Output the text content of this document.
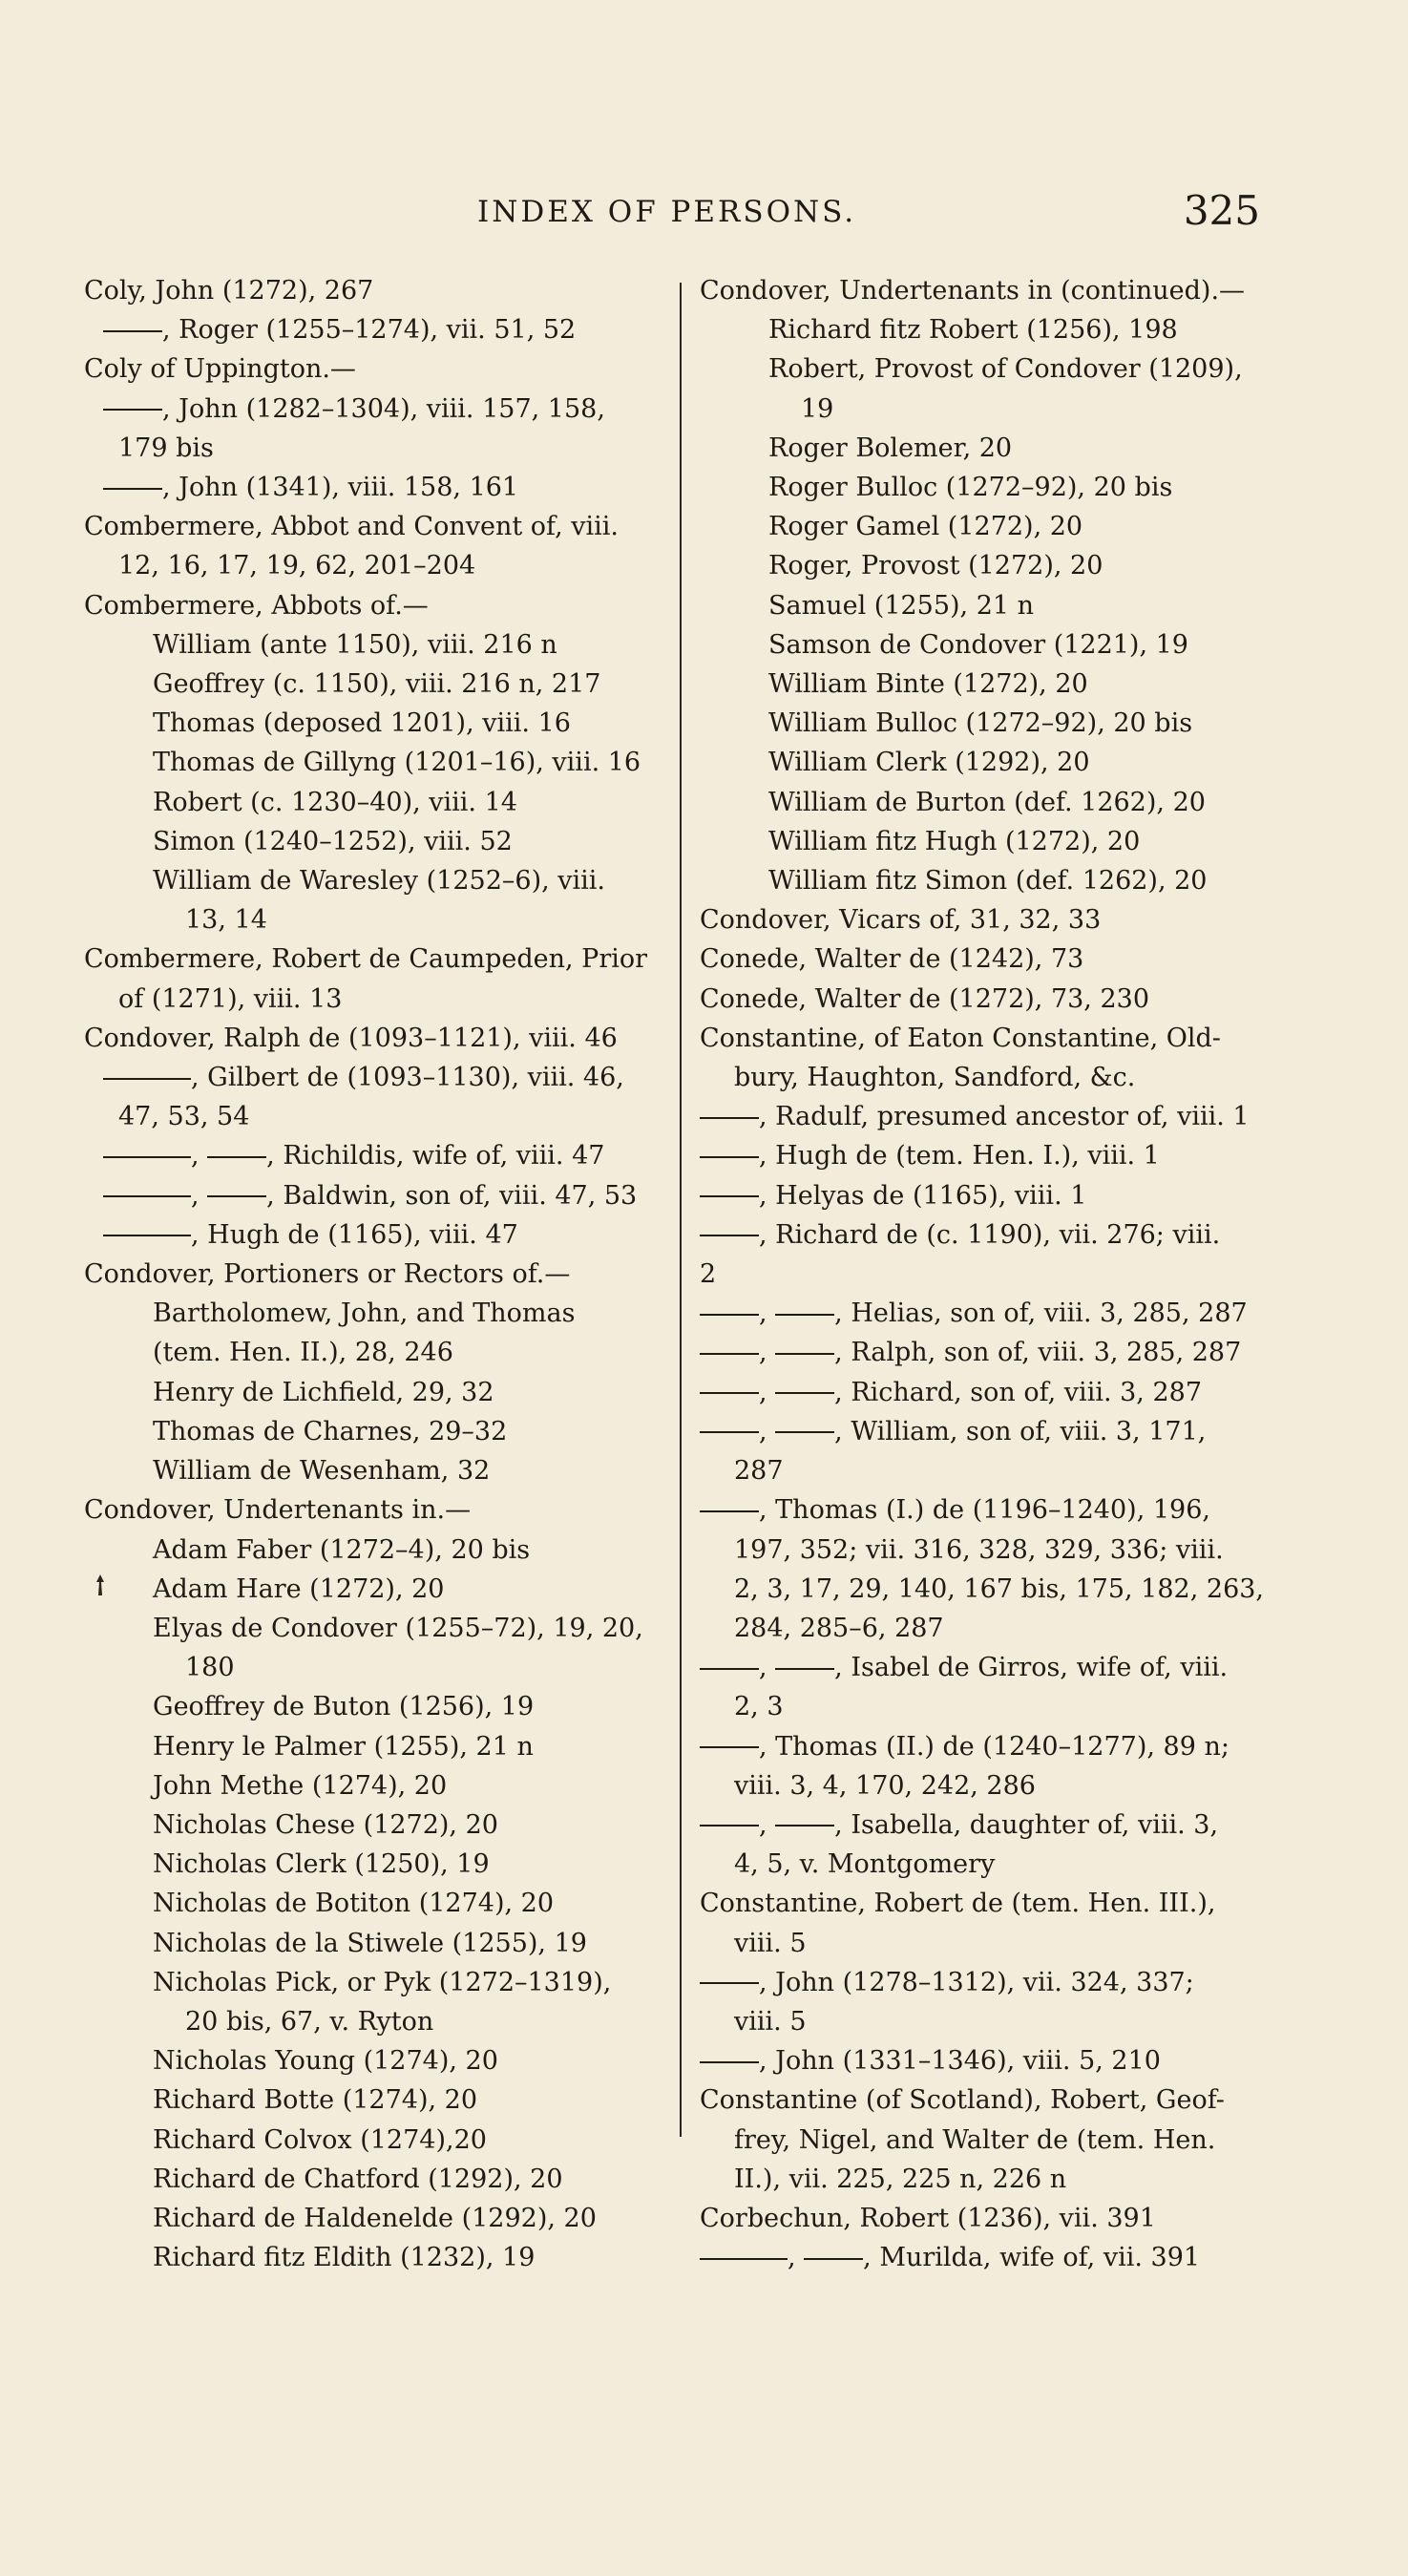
INDEX OF PERSONS.	325
Coly, John (1272), 267
, Roger (1255–1274), vii. 51, 52
Coly of Uppington.—
, John (1282–1304), viii. 157, 158,
179 bis
, John (1341), viii. 158, 161
Combermere, Abbot and Convent of, viii.
12, 16, 17, 19, 62, 201–204
Combermere, Abbots of.—
William (ante 1150), viii. 216 n
Geoffrey (c. 1150), viii. 216 n, 217
Thomas (deposed 1201), viii. 16
Thomas de Gillyng (1201–16), viii. 16
Robert (c. 1230–40), viii. 14
Simon (1240–1252), viii. 52
William de Waresley (1252–6), viii.
13, 14
Combermere, Robert de Caumpeden, Prior
of (1271), viii. 13
Condover, Ralph de (1093–1121), viii. 46
, Gilbert de (1093–1130), viii. 46,
47, 53, 54
, , Richildis, wife of, viii. 47
, , Baldwin, son of, viii. 47, 53
, Hugh de (1165), viii. 47
Condover, Portioners or Rectors of.—
Bartholomew, John, and Thomas
(tem. Hen. II.), 28, 246
Henry de Lichfield, 29, 32
Thomas de Charnes, 29–32
William de Wesenham, 32
Condover, Undertenants in.—
Adam Faber (1272–4), 20 bis
Adam Hare (1272), 20
Elyas de Condover (1255–72), 19, 20,
180
Geoffrey de Buton (1256), 19
Henry le Palmer (1255), 21 n
John Methe (1274), 20
Nicholas Chese (1272), 20
Nicholas Clerk (1250), 19
Nicholas de Botiton (1274), 20
Nicholas de la Stiwele (1255), 19
Nicholas Pick, or Pyk (1272–1319),
20 bis, 67, v. Ryton
Nicholas Young (1274), 20
Richard Botte (1274), 20
Richard Colvox (1274),20
Richard de Chatford (1292), 20
Richard de Haldenelde (1292), 20
Richard fitz Eldith (1232), 19
Condover, Undertenants in (continued).—
Richard fitz Robert (1256), 198
Robert, Provost of Condover (1209),
19
Roger Bolemer, 20
Roger Bulloc (1272–92), 20 bis
Roger Gamel (1272), 20
Roger, Provost (1272), 20
Samuel (1255), 21 n
Samson de Condover (1221), 19
William Binte (1272), 20
William Bulloc (1272–92), 20 bis
William Clerk (1292), 20
William de Burton (def. 1262), 20
William fitz Hugh (1272), 20
William fitz Simon (def. 1262), 20
Condover, Vicars of, 31, 32, 33
Conede, Walter de (1242), 73
Conede, Walter de (1272), 73, 230
Constantine, of Eaton Constantine, Old-
bury, Haughton, Sandford, &c.
, Radulf, presumed ancestor of, viii. 1
, Hugh de (tem. Hen. I.), viii. 1
, Helyas de (1165), viii. 1
, Richard de (c. 1190), vii. 276; viii.
2
, , Helias, son of, viii. 3, 285, 287
, , Ralph, son of, viii. 3, 285, 287
, , Richard, son of, viii. 3, 287
, , William, son of, viii. 3, 171,
287
, Thomas (I.) de (1196–1240), 196,
197, 352; vii. 316, 328, 329, 336; viii.
2, 3, 17, 29, 140, 167 bis, 175, 182, 263,
284, 285–6, 287
, , Isabel de Girros, wife of, viii.
2, 3
, Thomas (II.) de (1240–1277), 89 n;
viii. 3, 4, 170, 242, 286
, , Isabella, daughter of, viii. 3,
4, 5, v. Montgomery
Constantine, Robert de (tem. Hen. III.),
viii. 5
, John (1278–1312), vii. 324, 337;
viii. 5
, John (1331–1346), viii. 5, 210
Constantine (of Scotland), Robert, Geof-
frey, Nigel, and Walter de (tem. Hen.
II.), vii. 225, 225 n, 226 n
Corbechun, Robert (1236), vii. 391
, , Murilda, wife of, vii. 391
